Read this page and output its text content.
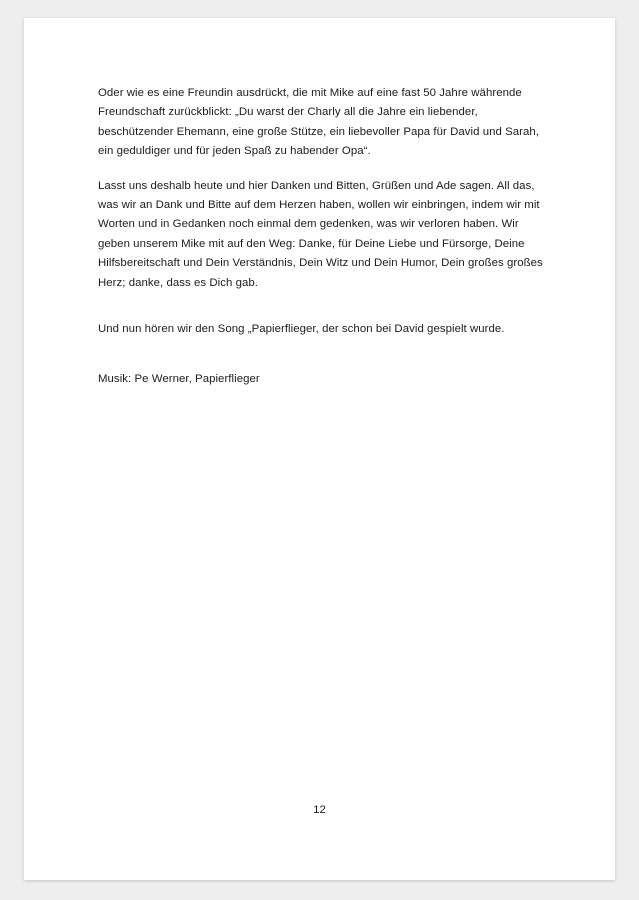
Oder wie es eine Freundin ausdrückt, die mit Mike auf eine fast 50 Jahre währende Freundschaft zurückblickt: „Du warst der Charly all die Jahre ein liebender, beschützender Ehemann, eine große Stütze, ein liebevoller Papa für David und Sarah, ein geduldiger und für jeden Spaß zu habender Opa“.

Lasst uns deshalb heute und hier Danken und Bitten, Grüßen und Ade sagen. All das, was wir an Dank und Bitte auf dem Herzen haben, wollen wir einbringen, indem wir mit Worten und in Gedanken noch einmal dem gedenken, was wir verloren haben. Wir geben unserem Mike mit auf den Weg: Danke, für Deine Liebe und Fürsorge, Deine Hilfsbereitschaft und Dein Verständnis, Dein Witz und Dein Humor, Dein großes großes Herz; danke, dass es Dich gab.

Und nun hören wir den Song „Papierflieger, der schon bei David gespielt wurde.

Musik: Pe Werner, Papierflieger

12
